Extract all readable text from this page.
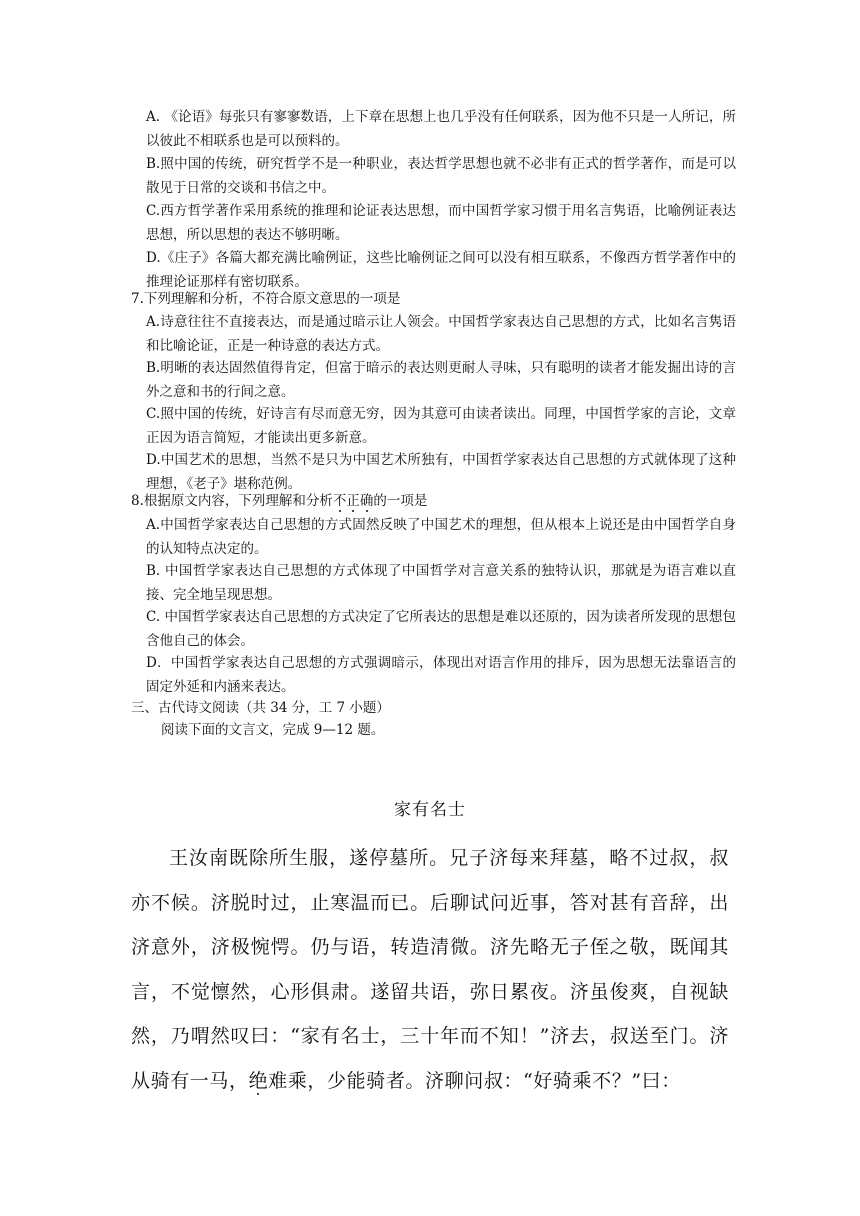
A. 《论语》每张只有寥寥数语，上下章在思想上也几乎没有任何联系，因为他不只是一人所记，所以彼此不相联系也是可以预料的。
B.照中国的传统，研究哲学不是一种职业，表达哲学思想也就不必非有正式的哲学著作，而是可以散见于日常的交谈和书信之中。
C.西方哲学著作采用系统的推理和论证表达思想，而中国哲学家习惯于用名言隽语，比喻例证表达思想，所以思想的表达不够明晰。
D.《庄子》各篇大都充满比喻例证，这些比喻例证之间可以没有相互联系，不像西方哲学著作中的推理论证那样有密切联系。
7.下列理解和分析，不符合原文意思的一项是
A.诗意往往不直接表达，而是通过暗示让人领会。中国哲学家表达自己思想的方式，比如名言隽语和比喻论证，正是一种诗意的表达方式。
B.明晰的表达固然值得肯定，但富于暗示的表达则更耐人寻味，只有聪明的读者才能发掘出诗的言外之意和书的行间之意。
C.照中国的传统，好诗言有尽而意无穷，因为其意可由读者读出。同理，中国哲学家的言论，文章正因为语言简短，才能读出更多新意。
D.中国艺术的思想，当然不是只为中国艺术所独有，中国哲学家表达自己思想的方式就体现了这种理想，《老子》堪称范例。
8.根据原文内容，下列理解和分析不正确的一项是
A.中国哲学家表达自己思想的方式固然反映了中国艺术的理想，但从根本上说还是由中国哲学自身的认知特点决定的。
B. 中国哲学家表达自己思想的方式体现了中国哲学对言意关系的独特认识，那就是为语言难以直接、完全地呈现思想。
C. 中国哲学家表达自己思想的方式决定了它所表达的思想是难以还原的，因为读者所发现的思想包含他自己的体会。
D．中国哲学家表达自己思想的方式强调暗示，体现出对语言作用的排斥，因为思想无法靠语言的固定外延和内涵来表达。
三、古代诗文阅读（共 34 分，工 7 小题）
阅读下面的文言文，完成 9—12 题。
家有名士
王汝南既除所生服，遂停墓所。兄子济每来拜墓，略不过叔，叔亦不候。济脱时过，止寒温而已。后聊试问近事，答对甚有音辞，出济意外，济极惋愕。仍与语，转造清微。济先略无子侄之敬，既闻其言，不觉懔然，心形俱肃。遂留共语，弥日累夜。济虽俊爽，自视缺然，乃喟然叹曰：“家有名士，三十年而不知！”济去，叔送至门。济从骑有一马，绝难乘，少能骑者。济聊问叔：“好骑乘不？”曰：
